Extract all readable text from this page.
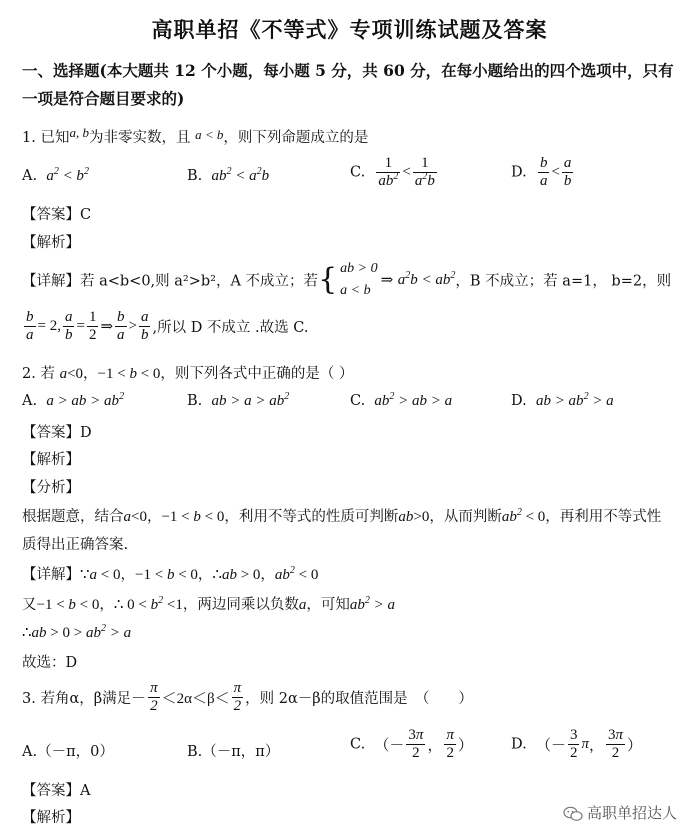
高职单招《不等式》专项训练试题及答案
一、选择题(本大题共 12 个小题，每小题 5 分，共 60 分，在每小题给出的四个选项中，只有
一项是符合题目要求的)
1. 已知a, b为非零实数，且 a < b，则下列命题成立的是
A. $a^2 < b^2$	B. $ab^2 < a^2b$	C. $\frac{1}{ab^2} < \frac{1}{a^2b}$	D. $\frac{b}{a} < \frac{a}{b}$
【答案】C
【解析】
【详解】若 a<b<0,则 a²>b²，A 不成立；若{ ab > 0
a < b
⇒ $a^2b < ab^2$，B 不成立；若 a=1， b=2，则
$\frac{b}{a} = 2$, $\frac{a}{b} = \frac{1}{2}$ ⇒ $\frac{b}{a} > \frac{a}{b}$ ,所以 D 不成立 .故选 C.
2. 若 a<0，−1 < b < 0，则下列各式中正确的是（ ）
A. a > ab > $ab^2$	B. ab > $a > ab^2$	C. $ab^2$ > ab > a	D. ab > $ab^2 > a$
【答案】D
【解析】
【分析】
根据题意，结合a<0，−1 < b < 0，利用不等式的性质可判断ab>0，从而判断$ab^2 < 0$，再利用不等式性
质得出正确答案.
【详解】∵a < 0，−1 < b < 0，∴ab > 0，$ab^2 < 0$
又−1 < b < 0，∴ $0 < b^2 <1$，两边同乘以负数a，可知$ab^2 > a$
∴ab > $0 > ab^2 > a$
故选：D
3. 若角α，β满足－ $\frac{\pi}{2} <2\alpha<\beta< \frac{\pi}{2}$ ，则 2α－β的取值范围是　（　　）
A.（－π，0）	B.（－π，π）	C. （－ $\frac{3\pi}{2}$ ， $\frac{\pi}{2}$ ）	D. （－ $\frac{3}{2}$ π， $\frac{3\pi}{2}$ ）
【答案】A
【解析】	高职单招达人
